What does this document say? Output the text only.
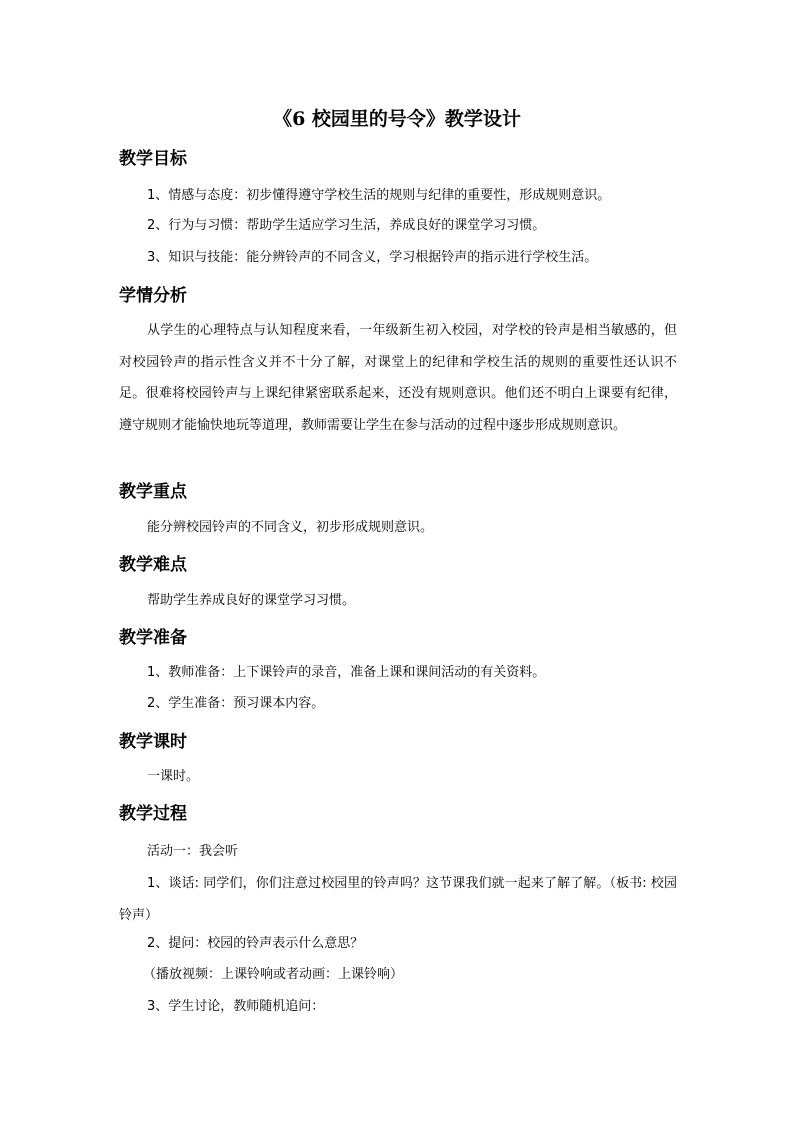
《6 校园里的号令》教学设计
教学目标
1、情感与态度：初步懂得遵守学校生活的规则与纪律的重要性，形成规则意识。
2、行为与习惯：帮助学生适应学习生活，养成良好的课堂学习习惯。
3、知识与技能：能分辨铃声的不同含义，学习根据铃声的指示进行学校生活。
学情分析
从学生的心理特点与认知程度来看，一年级新生初入校园，对学校的铃声是相当敏感的，但对校园铃声的指示性含义并不十分了解，对课堂上的纪律和学校生活的规则的重要性还认识不足。很难将校园铃声与上课纪律紧密联系起来，还没有规则意识。他们还不明白上课要有纪律，遵守规则才能愉快地玩等道理，教师需要让学生在参与活动的过程中逐步形成规则意识。
教学重点
能分辨校园铃声的不同含义，初步形成规则意识。
教学难点
帮助学生养成良好的课堂学习习惯。
教学准备
1、教师准备：上下课铃声的录音，准备上课和课间活动的有关资料。
2、学生准备：预习课本内容。
教学课时
一课时。
教学过程
活动一：我会听
1、谈话: 同学们，你们注意过校园里的铃声吗？这节课我们就一起来了解了解。（板书: 校园铃声）
2、提问：校园的铃声表示什么意思？
（播放视频：上课铃响或者动画：上课铃响）
3、学生讨论，教师随机追问：
